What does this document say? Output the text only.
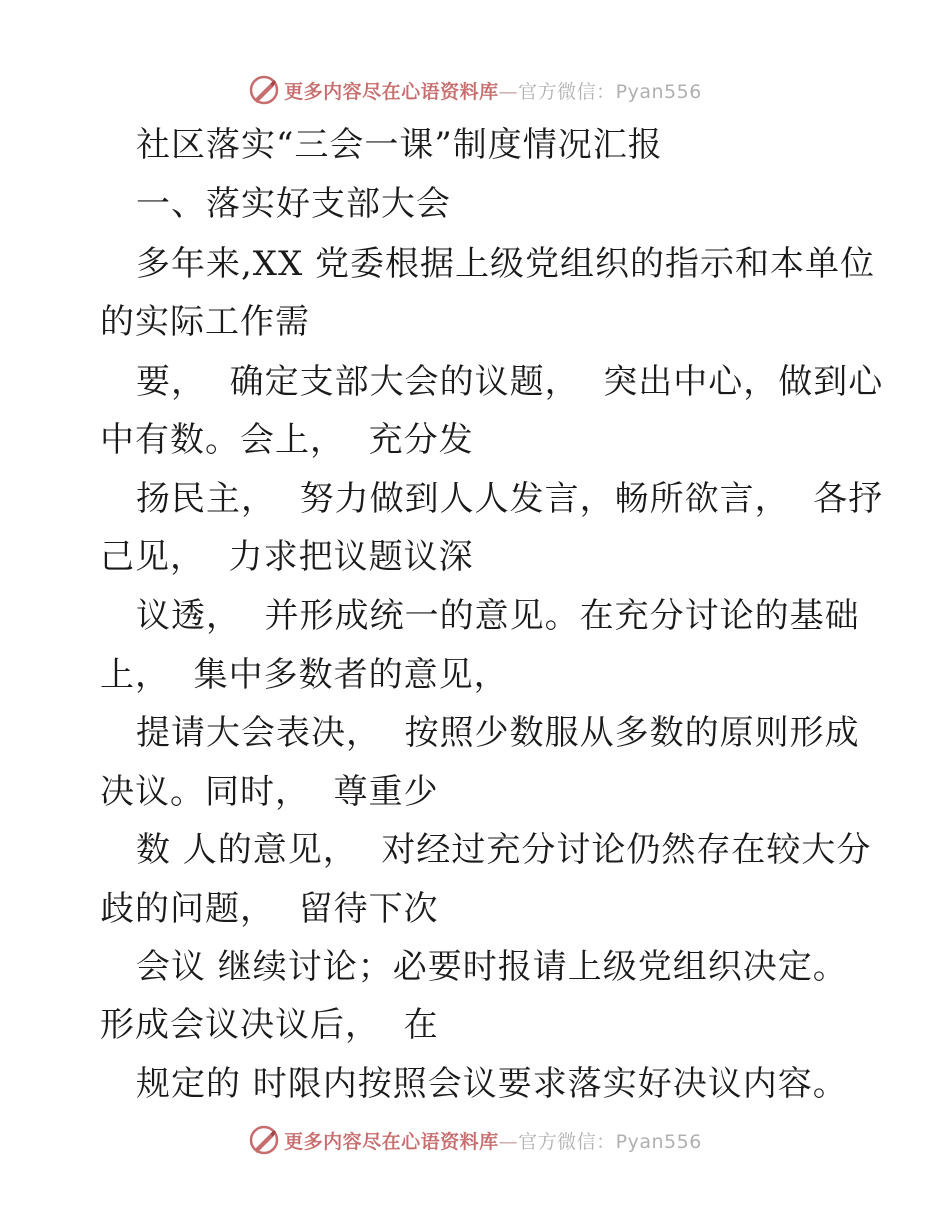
更多内容尽在心语资料库—官方微信：Pyan556
社区落实“三会一课”制度情况汇报
一、落实好支部大会
多年来,XX 党委根据上级党组织的指示和本单位
的实际工作需
要，  确定支部大会的议题，  突出中心，做到心
中有数。会上，  充分发
扬民主，  努力做到人人发言，畅所欲言，  各抒
己见，  力求把议题议深
议透，  并形成统一的意见。在充分讨论的基础
上，  集中多数者的意见，
提请大会表决，  按照少数服从多数的原则形成
决议。同时，  尊重少
数 人的意见，  对经过充分讨论仍然存在较大分
歧的问题，  留待下次
会议 继续讨论；必要时报请上级党组织决定。
形成会议决议后，  在
规定的 时限内按照会议要求落实好决议内容。
更多内容尽在心语资料库—官方微信：Pyan556
